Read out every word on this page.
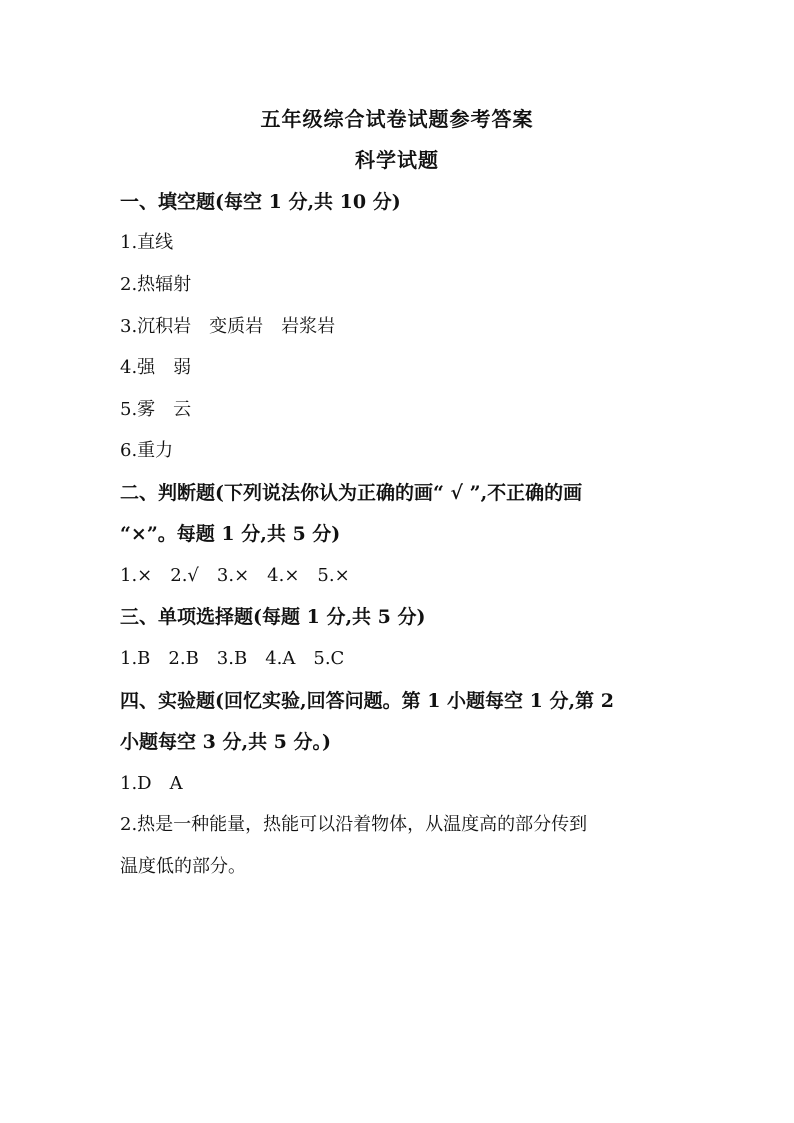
五年级综合试卷试题参考答案
科学试题
一、填空题(每空 1 分,共 10 分)
1.直线
2.热辐射
3.沉积岩　变质岩　岩浆岩
4.强　弱
5.雾　云
6.重力
二、判断题(下列说法你认为正确的画“ √ ”,不正确的画
“×”。每题 1 分,共 5 分)
1.×　2.√　3.×　4.×　5.×
三、单项选择题(每题 1 分,共 5 分)
1.B　2.B　3.B　4.A　5.C
四、实验题(回忆实验,回答问题。第 1 小题每空 1 分,第 2
小题每空 3 分,共 5 分。)
1.D　A
2.热是一种能量，热能可以沿着物体，从温度高的部分传到
温度低的部分。
